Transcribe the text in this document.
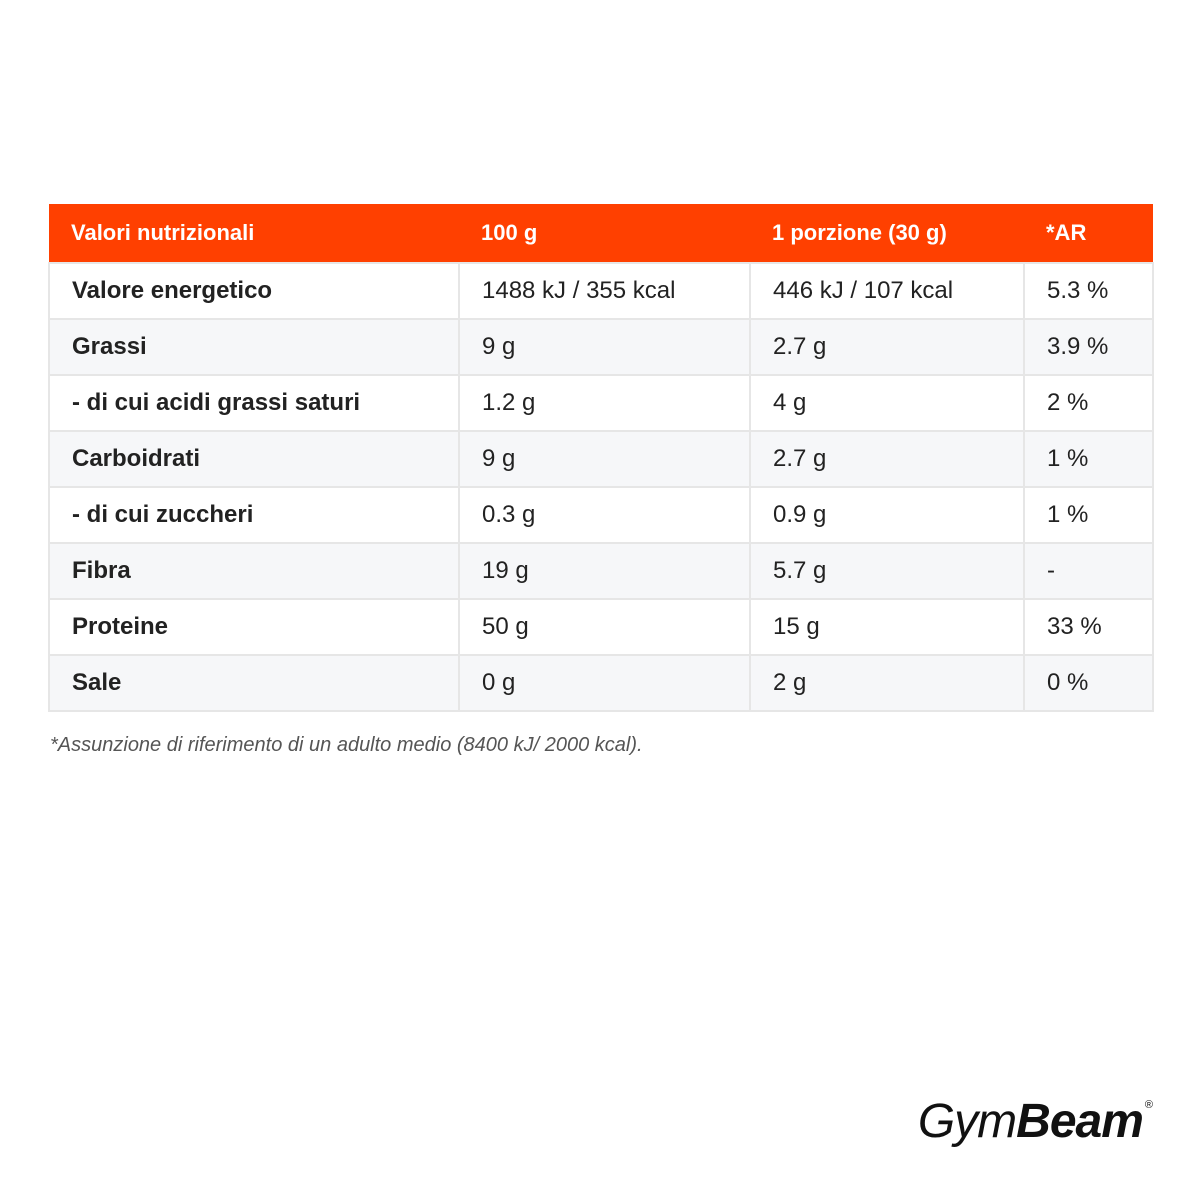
Valori nutrizionali	100 g	1 porzione (30 g)	*AR
Valore energetico	1488 kJ / 355 kcal	446 kJ / 107 kcal	5.3 %
Grassi	9 g	2.7 g	3.9 %
- di cui acidi grassi saturi	1.2 g	4 g	2 %
Carboidrati	9 g	2.7 g	1 %
- di cui zuccheri	0.3 g	0.9 g	1 %
Fibra	19 g	5.7 g	-
Proteine	50 g	15 g	33 %
Sale	0 g	2 g	0 %
*Assunzione di riferimento di un adulto medio (8400 kJ/ 2000 kcal).
Gym Beam ®
